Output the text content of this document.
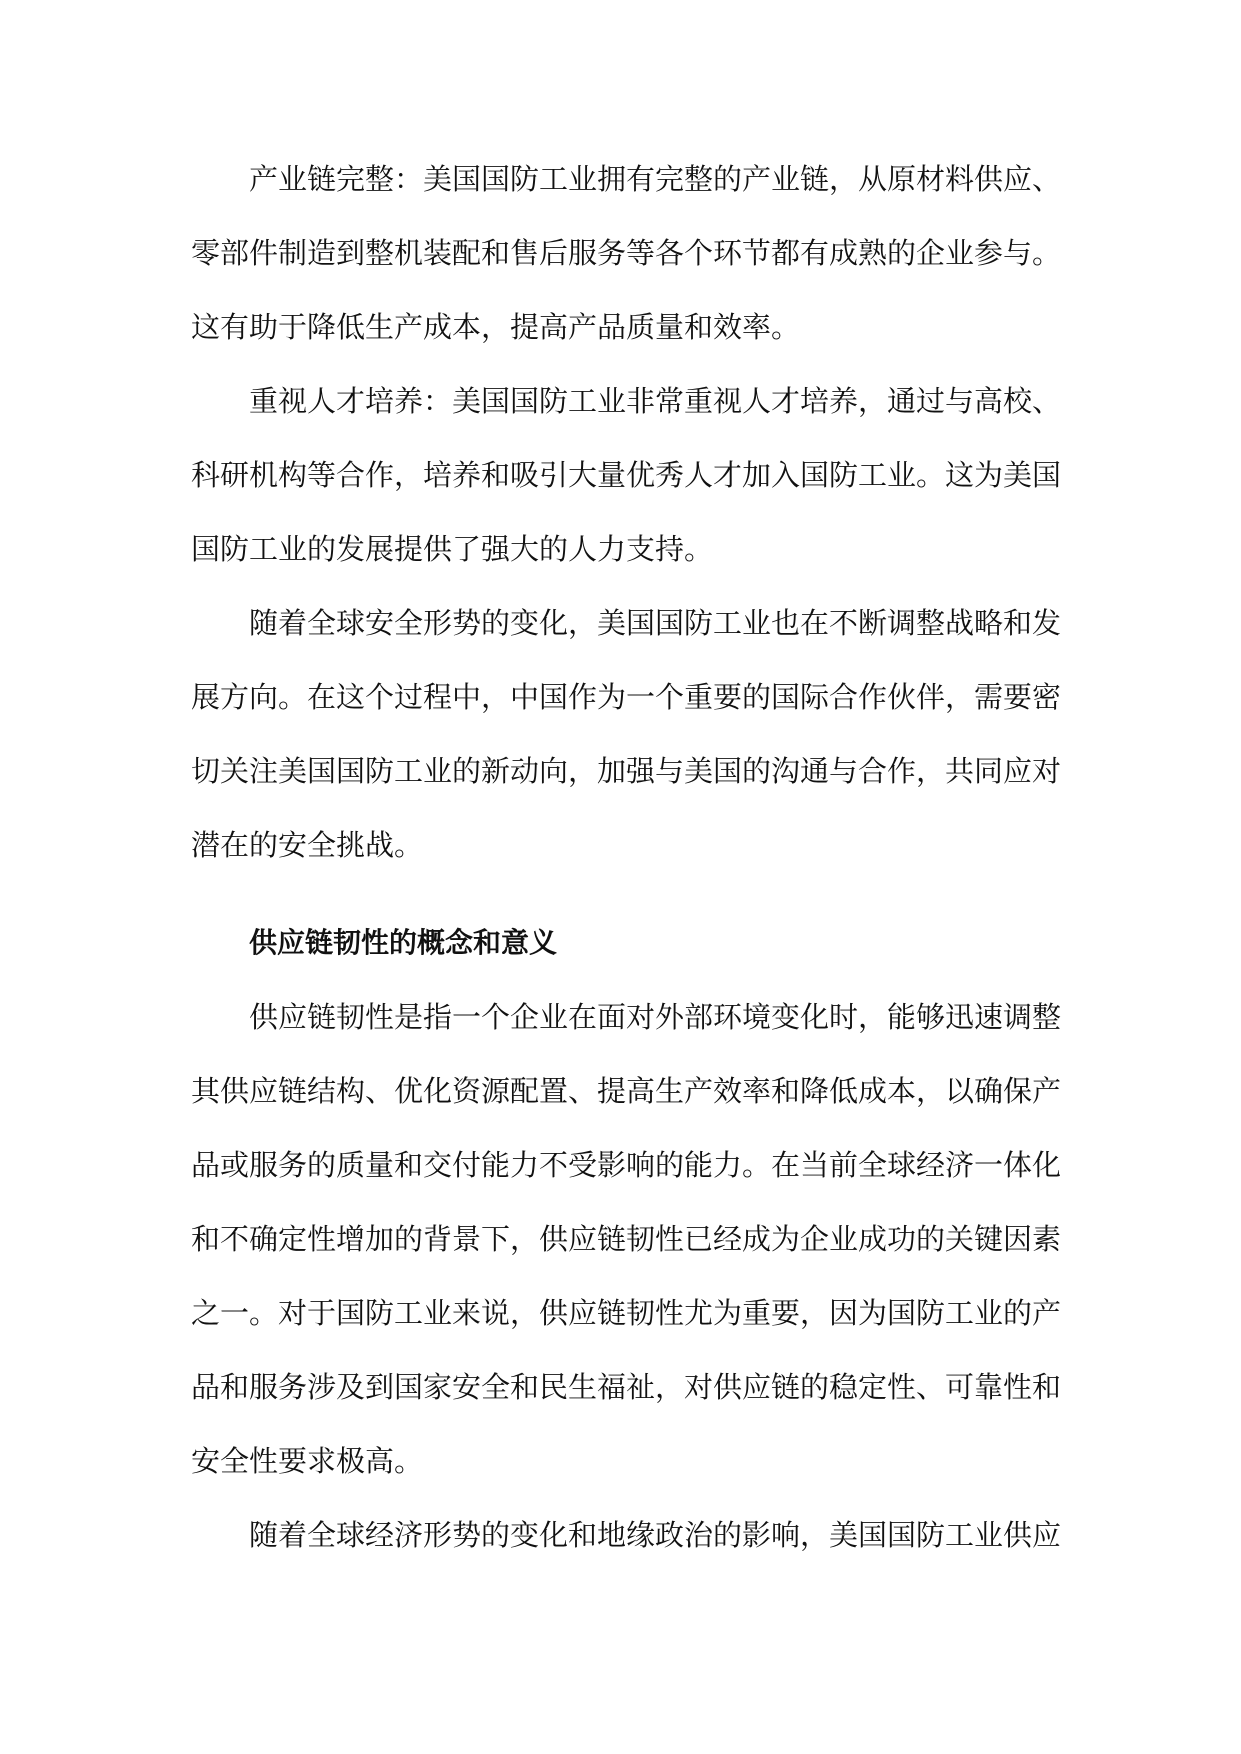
产业链完整：美国国防工业拥有完整的产业链，从原材料供应、零部件制造到整机装配和售后服务等各个环节都有成熟的企业参与。这有助于降低生产成本，提高产品质量和效率。

重视人才培养：美国国防工业非常重视人才培养，通过与高校、科研机构等合作，培养和吸引大量优秀人才加入国防工业。这为美国国防工业的发展提供了强大的人力支持。

随着全球安全形势的变化，美国国防工业也在不断调整战略和发展方向。在这个过程中，中国作为一个重要的国际合作伙伴，需要密切关注美国国防工业的新动向，加强与美国的沟通与合作，共同应对潜在的安全挑战。

供应链韧性的概念和意义

供应链韧性是指一个企业在面对外部环境变化时，能够迅速调整其供应链结构、优化资源配置、提高生产效率和降低成本，以确保产品或服务的质量和交付能力不受影响的能力。在当前全球经济一体化和不确定性增加的背景下，供应链韧性已经成为企业成功的关键因素之一。对于国防工业来说，供应链韧性尤为重要，因为国防工业的产品和服务涉及到国家安全和民生福祉，对供应链的稳定性、可靠性和安全性要求极高。

随着全球经济形势的变化和地缘政治的影响，美国国防工业供应
